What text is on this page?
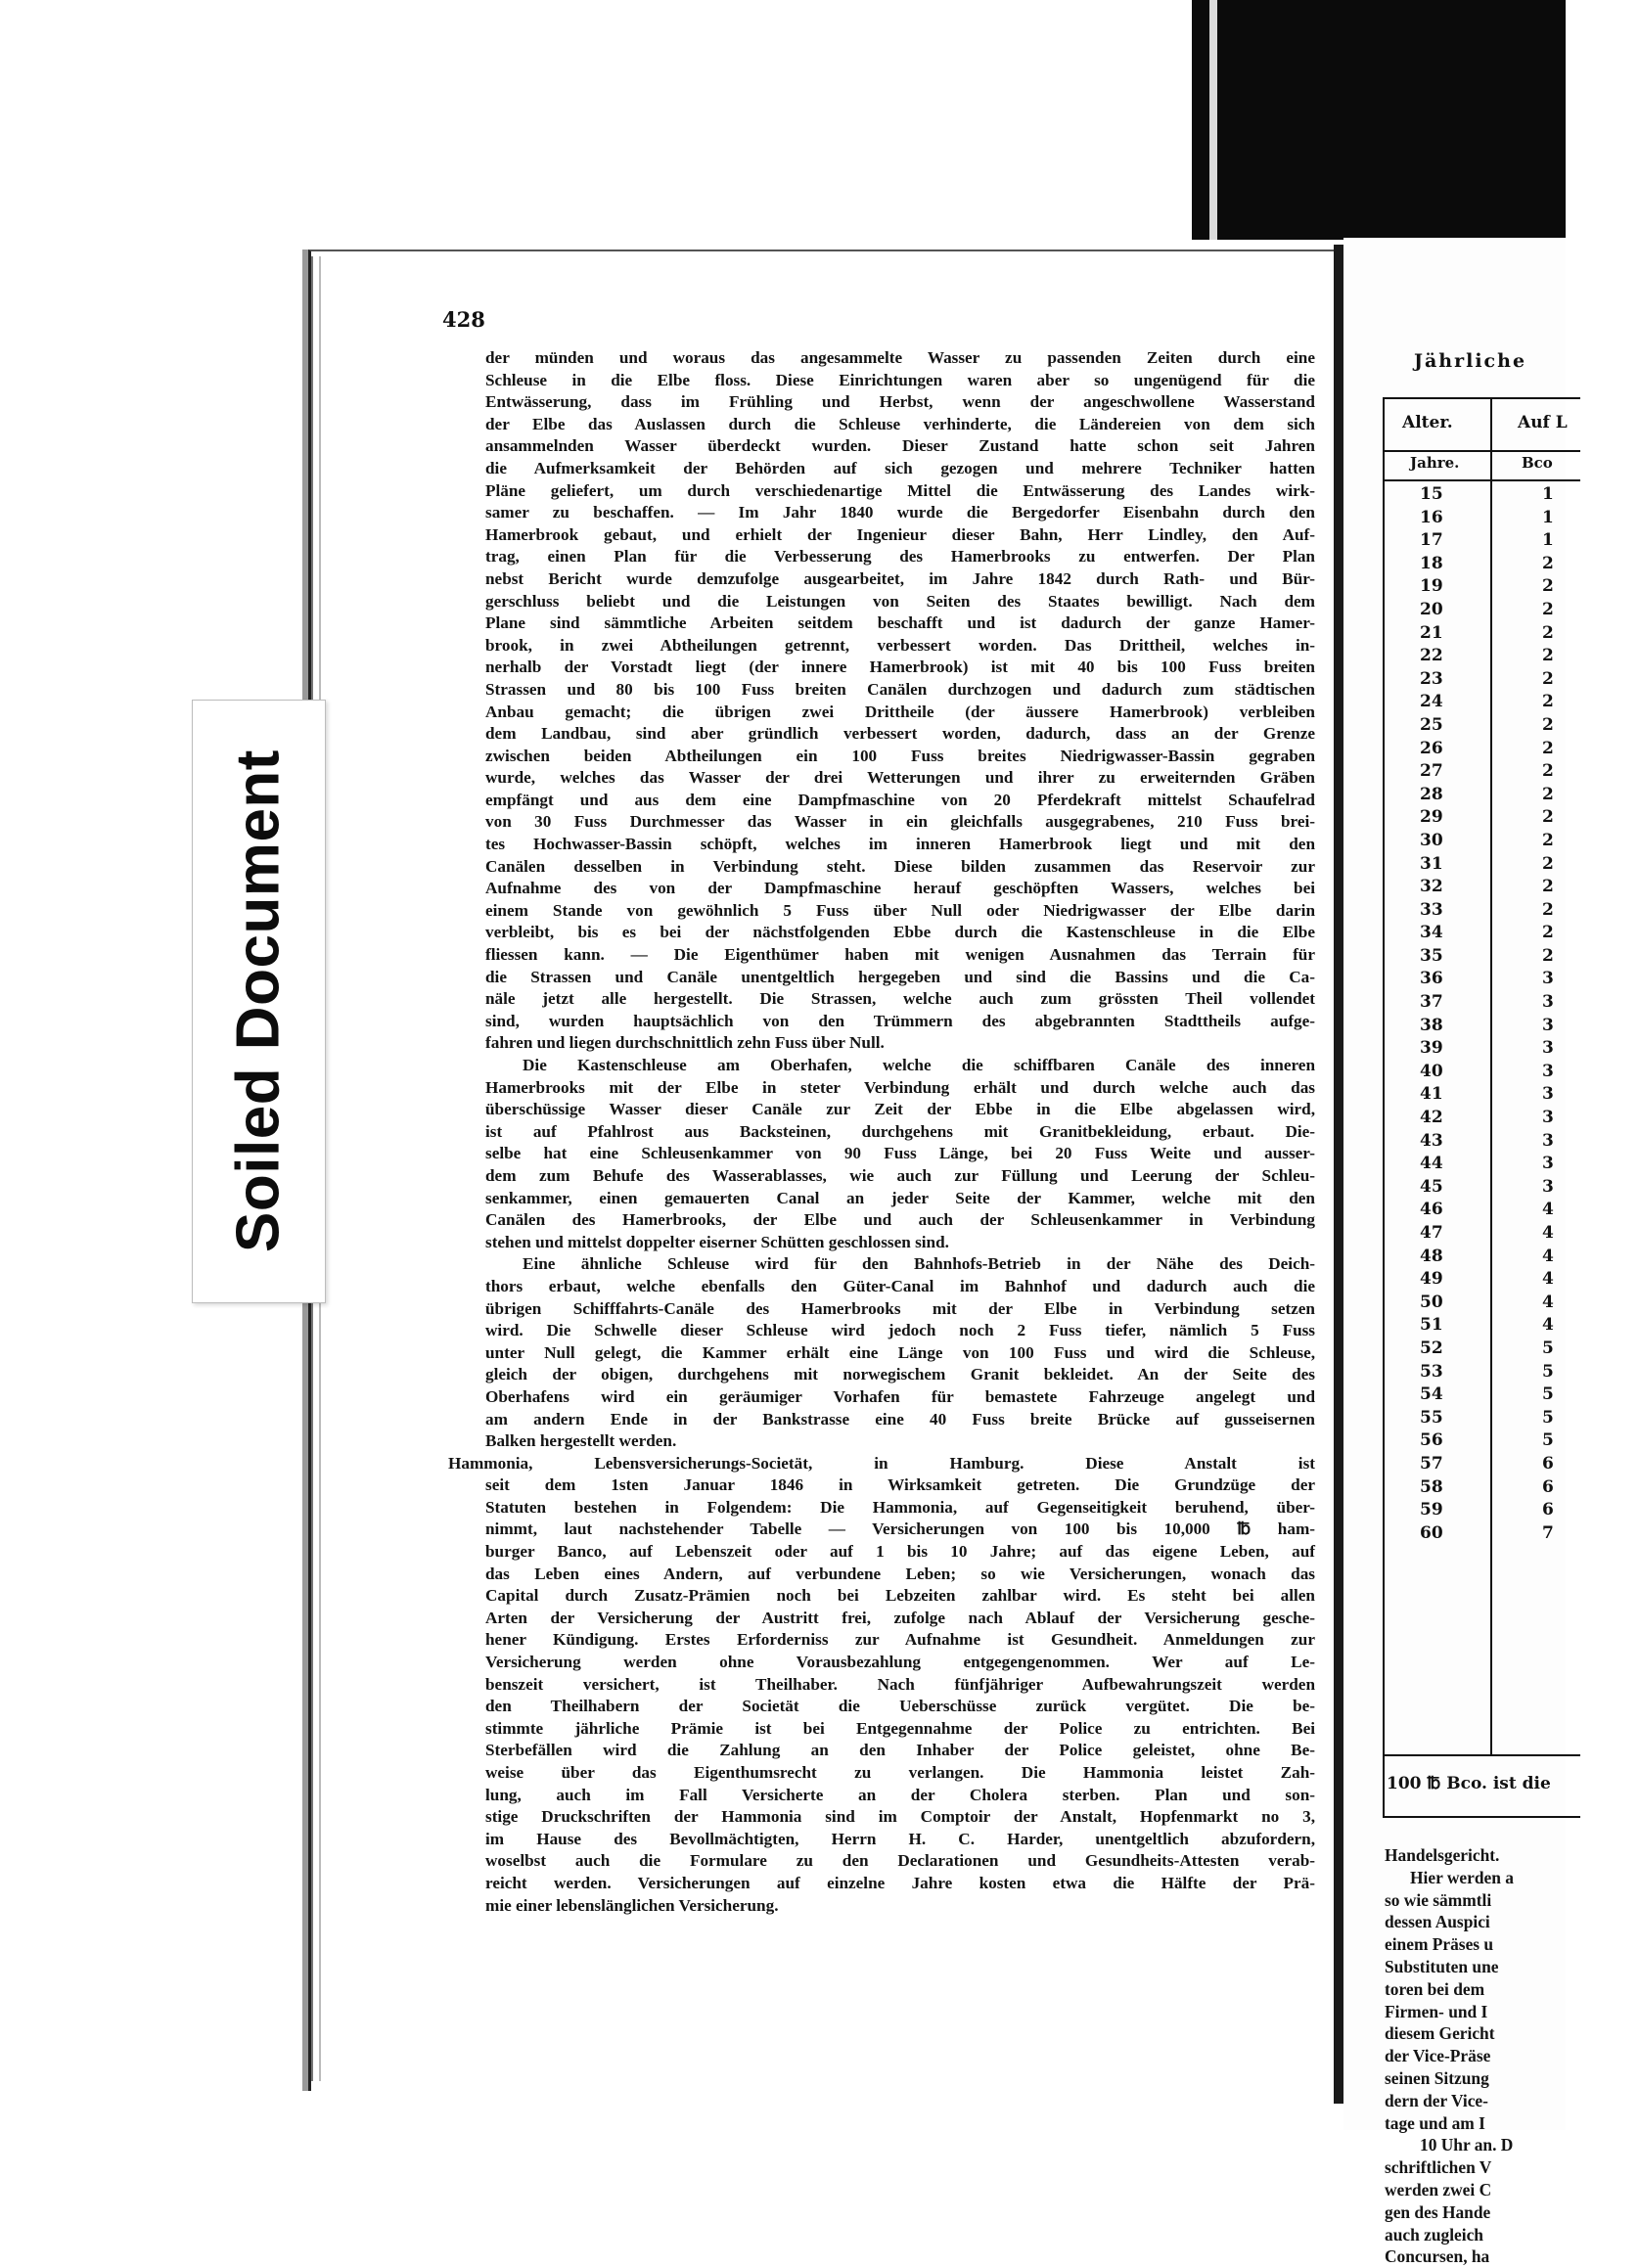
428
der münden und woraus das angesammelte Wasser zu passenden Zeiten durch eine
Schleuse in die Elbe floss. Diese Einrichtungen waren aber so ungenügend für die
Entwässerung, dass im Frühling und Herbst, wenn der angeschwollene Wasserstand
der Elbe das Auslassen durch die Schleuse verhinderte, die Ländereien von dem sich
ansammelnden Wasser überdeckt wurden. Dieser Zustand hatte schon seit Jahren
die Aufmerksamkeit der Behörden auf sich gezogen und mehrere Techniker hatten
Pläne geliefert, um durch verschiedenartige Mittel die Entwässerung des Landes wirk-
samer zu beschaffen. — Im Jahr 1840 wurde die Bergedorfer Eisenbahn durch den
Hamerbrook gebaut, und erhielt der Ingenieur dieser Bahn, Herr Lindley, den Auf-
trag, einen Plan für die Verbesserung des Hamerbrooks zu entwerfen. Der Plan
nebst Bericht wurde demzufolge ausgearbeitet, im Jahre 1842 durch Rath- und Bür-
gerschluss beliebt und die Leistungen von Seiten des Staates bewilligt. Nach dem
Plane sind sämmtliche Arbeiten seitdem beschafft und ist dadurch der ganze Hamer-
brook, in zwei Abtheilungen getrennt, verbessert worden. Das Drittheil, welches in-
nerhalb der Vorstadt liegt (der innere Hamerbrook) ist mit 40 bis 100 Fuss breiten
Strassen und 80 bis 100 Fuss breiten Canälen durchzogen und dadurch zum städtischen
Anbau gemacht; die übrigen zwei Drittheile (der äussere Hamerbrook) verbleiben
dem Landbau, sind aber gründlich verbessert worden, dadurch, dass an der Grenze
zwischen beiden Abtheilungen ein 100 Fuss breites Niedrigwasser-Bassin gegraben
wurde, welches das Wasser der drei Wetterungen und ihrer zu erweiternden Gräben
empfängt und aus dem eine Dampfmaschine von 20 Pferdekraft mittelst Schaufelrad
von 30 Fuss Durchmesser das Wasser in ein gleichfalls ausgegrabenes, 210 Fuss brei-
tes Hochwasser-Bassin schöpft, welches im inneren Hamerbrook liegt und mit den
Canälen desselben in Verbindung steht. Diese bilden zusammen das Reservoir zur
Aufnahme des von der Dampfmaschine herauf geschöpften Wassers, welches bei
einem Stande von gewöhnlich 5 Fuss über Null oder Niedrigwasser der Elbe darin
verbleibt, bis es bei der nächstfolgenden Ebbe durch die Kastenschleuse in die Elbe
fliessen kann. — Die Eigenthümer haben mit wenigen Ausnahmen das Terrain für
die Strassen und Canäle unentgeltlich hergegeben und sind die Bassins und die Ca-
näle jetzt alle hergestellt. Die Strassen, welche auch zum grössten Theil vollendet
sind, wurden hauptsächlich von den Trümmern des abgebrannten Stadttheils aufge-
fahren und liegen durchschnittlich zehn Fuss über Null.
Die Kastenschleuse am Oberhafen, welche die schiffbaren Canäle des inneren
Hamerbrooks mit der Elbe in steter Verbindung erhält und durch welche auch das
überschüssige Wasser dieser Canäle zur Zeit der Ebbe in die Elbe abgelassen wird,
ist auf Pfahlrost aus Backsteinen, durchgehens mit Granitbekleidung, erbaut. Die-
selbe hat eine Schleusenkammer von 90 Fuss Länge, bei 20 Fuss Weite und ausser-
dem zum Behufe des Wasserablasses, wie auch zur Füllung und Leerung der Schleu-
senkammer, einen gemauerten Canal an jeder Seite der Kammer, welche mit den
Canälen des Hamerbrooks, der Elbe und auch der Schleusenkammer in Verbindung
stehen und mittelst doppelter eiserner Schütten geschlossen sind.
Eine ähnliche Schleuse wird für den Bahnhofs-Betrieb in der Nähe des Deich-
thors erbaut, welche ebenfalls den Güter-Canal im Bahnhof und dadurch auch die
übrigen Schifffahrts-Canäle des Hamerbrooks mit der Elbe in Verbindung setzen
wird. Die Schwelle dieser Schleuse wird jedoch noch 2 Fuss tiefer, nämlich 5 Fuss
unter Null gelegt, die Kammer erhält eine Länge von 100 Fuss und wird die Schleuse,
gleich der obigen, durchgehens mit norwegischem Granit bekleidet. An der Seite des
Oberhafens wird ein geräumiger Vorhafen für bemastete Fahrzeuge angelegt und
am andern Ende in der Bankstrasse eine 40 Fuss breite Brücke auf gusseisernen
Balken hergestellt werden.
Hammonia, Lebensversicherungs-Societät, in Hamburg. Diese Anstalt ist
seit dem 1sten Januar 1846 in Wirksamkeit getreten. Die Grundzüge der
Statuten bestehen in Folgendem: Die Hammonia, auf Gegenseitigkeit beruhend, über-
nimmt, laut nachstehender Tabelle — Versicherungen von 100 bis 10,000 ℔ ham-
burger Banco, auf Lebenszeit oder auf 1 bis 10 Jahre; auf das eigene Leben, auf
das Leben eines Andern, auf verbundene Leben; so wie Versicherungen, wonach das
Capital durch Zusatz-Prämien noch bei Lebzeiten zahlbar wird. Es steht bei allen
Arten der Versicherung der Austritt frei, zufolge nach Ablauf der Versicherung gesche-
hener Kündigung. Erstes Erforderniss zur Aufnahme ist Gesundheit. Anmeldungen zur
Versicherung werden ohne Vorausbezahlung entgegengenommen. Wer auf Le-
benszeit versichert, ist Theilhaber. Nach fünfjähriger Aufbewahrungszeit werden
den Theilhabern der Societät die Ueberschüsse zurück vergütet. Die be-
stimmte jährliche Prämie ist bei Entgegennahme der Police zu entrichten. Bei
Sterbefällen wird die Zahlung an den Inhaber der Police geleistet, ohne Be-
weise über das Eigenthumsrecht zu verlangen. Die Hammonia leistet Zah-
lung, auch im Fall Versicherte an der Cholera sterben. Plan und son-
stige Druckschriften der Hammonia sind im Comptoir der Anstalt, Hopfenmarkt no 3,
im Hause des Bevollmächtigten, Herrn H. C. Harder, unentgeltlich abzufordern,
woselbst auch die Formulare zu den Declarationen und Gesundheits-Attesten verab-
reicht werden. Versicherungen auf einzelne Jahre kosten etwa die Hälfte der Prä-
mie einer lebenslänglichen Versicherung.
Soiled Document
Jährliche
Alter.	Auf L
Jahre.	Bco
15	1
16	1
17	1
18	2
19	2
20	2
21	2
22	2
23	2
24	2
25	2
26	2
27	2
28	2
29	2
30	2
31	2
32	2
33	2
34	2
35	2
36	3
37	3
38	3
39	3
40	3
41	3
42	3
43	3
44	3
45	3
46	4
47	4
48	4
49	4
50	4
51	4
52	5
53	5
54	5
55	5
56	5
57	6
58	6
59	6
60	7
100 ℔ Bco. ist die
Handelsgericht.
Hier werden a
so wie sämmtli
dessen Auspici
einem Präses u
Substituten une
toren bei dem
Firmen- und I
diesem Gericht
der Vice-Präse
seinen Sitzung
dern der Vice-
tage und am I
10 Uhr an. D
schriftlichen V
werden zwei C
gen des Hande
auch zugleich
Concursen, ha
